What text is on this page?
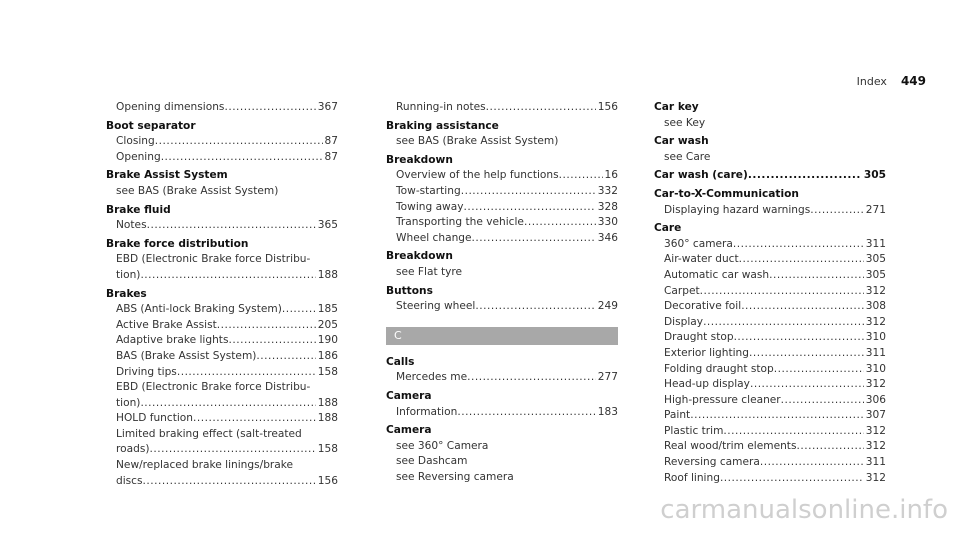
Index 449
Opening dimensions .....	367
Boot separator
Closing .....	87
Opening .....	87
Brake Assist System
see BAS (Brake Assist System)
Brake fluid
Notes .....	365
Brake force distribution
EBD (Electronic Brake force Distribu-
tion) .....	188
Brakes
ABS (Anti-lock Braking System) .....	185
Active Brake Assist .....	205
Adaptive brake lights .....	190
BAS (Brake Assist System) .....	186
Driving tips .....	158
EBD (Electronic Brake force Distribu-
tion) .....	188
HOLD function .....	188
Limited braking effect (salt-treated
roads) .....	158
New/replaced brake linings/brake
discs .....	156
Running-in notes .....	156
Braking assistance
see BAS (Brake Assist System)
Breakdown
Overview of the help functions .....	16
Tow-starting .....	332
Towing away .....	328
Transporting the vehicle .....	330
Wheel change .....	346
Breakdown
see Flat tyre
Buttons
Steering wheel .....	249
C
Calls
Mercedes me .....	277
Camera
Information .....	183
Camera
see 360° Camera
see Dashcam
see Reversing camera
Car key
see Key
Car wash
see Care
Car wash (care) .....	305
Car-to-X-Communication
Displaying hazard warnings .....	271
Care
360° camera .....	311
Air-water duct .....	305
Automatic car wash .....	305
Carpet .....	312
Decorative foil .....	308
Display .....	312
Draught stop .....	310
Exterior lighting .....	311
Folding draught stop .....	310
Head-up display .....	312
High-pressure cleaner .....	306
Paint .....	307
Plastic trim .....	312
Real wood/trim elements .....	312
Reversing camera .....	311
Roof lining .....	312
carmanualsonline.info
